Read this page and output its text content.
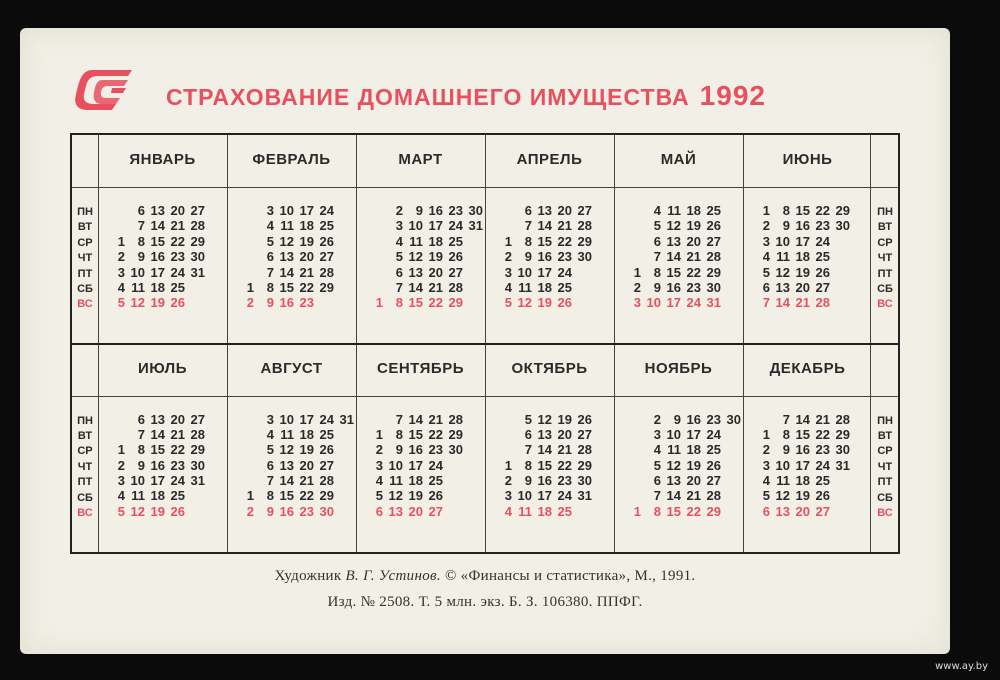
СТРАХОВАНИЕ ДОМАШНЕГО ИМУЩЕСТВА 1992
ПН
ВТ
СР
ЧТ
ПТ
СБ
ВС
ПН
ВТ
СР
ЧТ
ПТ
СБ
ВС
ПН
ВТ
СР
ЧТ
ПТ
СБ
ВС
ПН
ВТ
СР
ЧТ
ПТ
СБ
ВС
ЯНВАРЬ
1
2
3
4
5
6
7
8
9
10
11
12
13
14
15
16
17
18
19
20
21
22
23
24
25
26
27
28
29
30
31
ФЕВРАЛЬ
1
2
3
4
5
6
7
8
9
10
11
12
13
14
15
16
17
18
19
20
21
22
23
24
25
26
27
28
29
МАРТ
1
2
3
4
5
6
7
8
9
10
11
12
13
14
15
16
17
18
19
20
21
22
23
24
25
26
27
28
29
30
31
АПРЕЛЬ
1
2
3
4
5
6
7
8
9
10
11
12
13
14
15
16
17
18
19
20
21
22
23
24
25
26
27
28
29
30
МАЙ
1
2
3
4
5
6
7
8
9
10
11
12
13
14
15
16
17
18
19
20
21
22
23
24
25
26
27
28
29
30
31
ИЮНЬ
1
2
3
4
5
6
7
8
9
10
11
12
13
14
15
16
17
18
19
20
21
22
23
24
25
26
27
28
29
30
ИЮЛЬ
1
2
3
4
5
6
7
8
9
10
11
12
13
14
15
16
17
18
19
20
21
22
23
24
25
26
27
28
29
30
31
АВГУСТ
1
2
3
4
5
6
7
8
9
10
11
12
13
14
15
16
17
18
19
20
21
22
23
24
25
26
27
28
29
30
31
СЕНТЯБРЬ
1
2
3
4
5
6
7
8
9
10
11
12
13
14
15
16
17
18
19
20
21
22
23
24
25
26
27
28
29
30
ОКТЯБРЬ
1
2
3
4
5
6
7
8
9
10
11
12
13
14
15
16
17
18
19
20
21
22
23
24
25
26
27
28
29
30
31
НОЯБРЬ
1
2
3
4
5
6
7
8
9
10
11
12
13
14
15
16
17
18
19
20
21
22
23
24
25
26
27
28
29
30
ДЕКАБРЬ
1
2
3
4
5
6
7
8
9
10
11
12
13
14
15
16
17
18
19
20
21
22
23
24
25
26
27
28
29
30
31

Художник В. Г. Устинов. © «Финансы и статистика», М., 1991.

Изд. № 2508. Т. 5 млн. экз. Б. З. 106380. ППФГ.

www.ay.by
